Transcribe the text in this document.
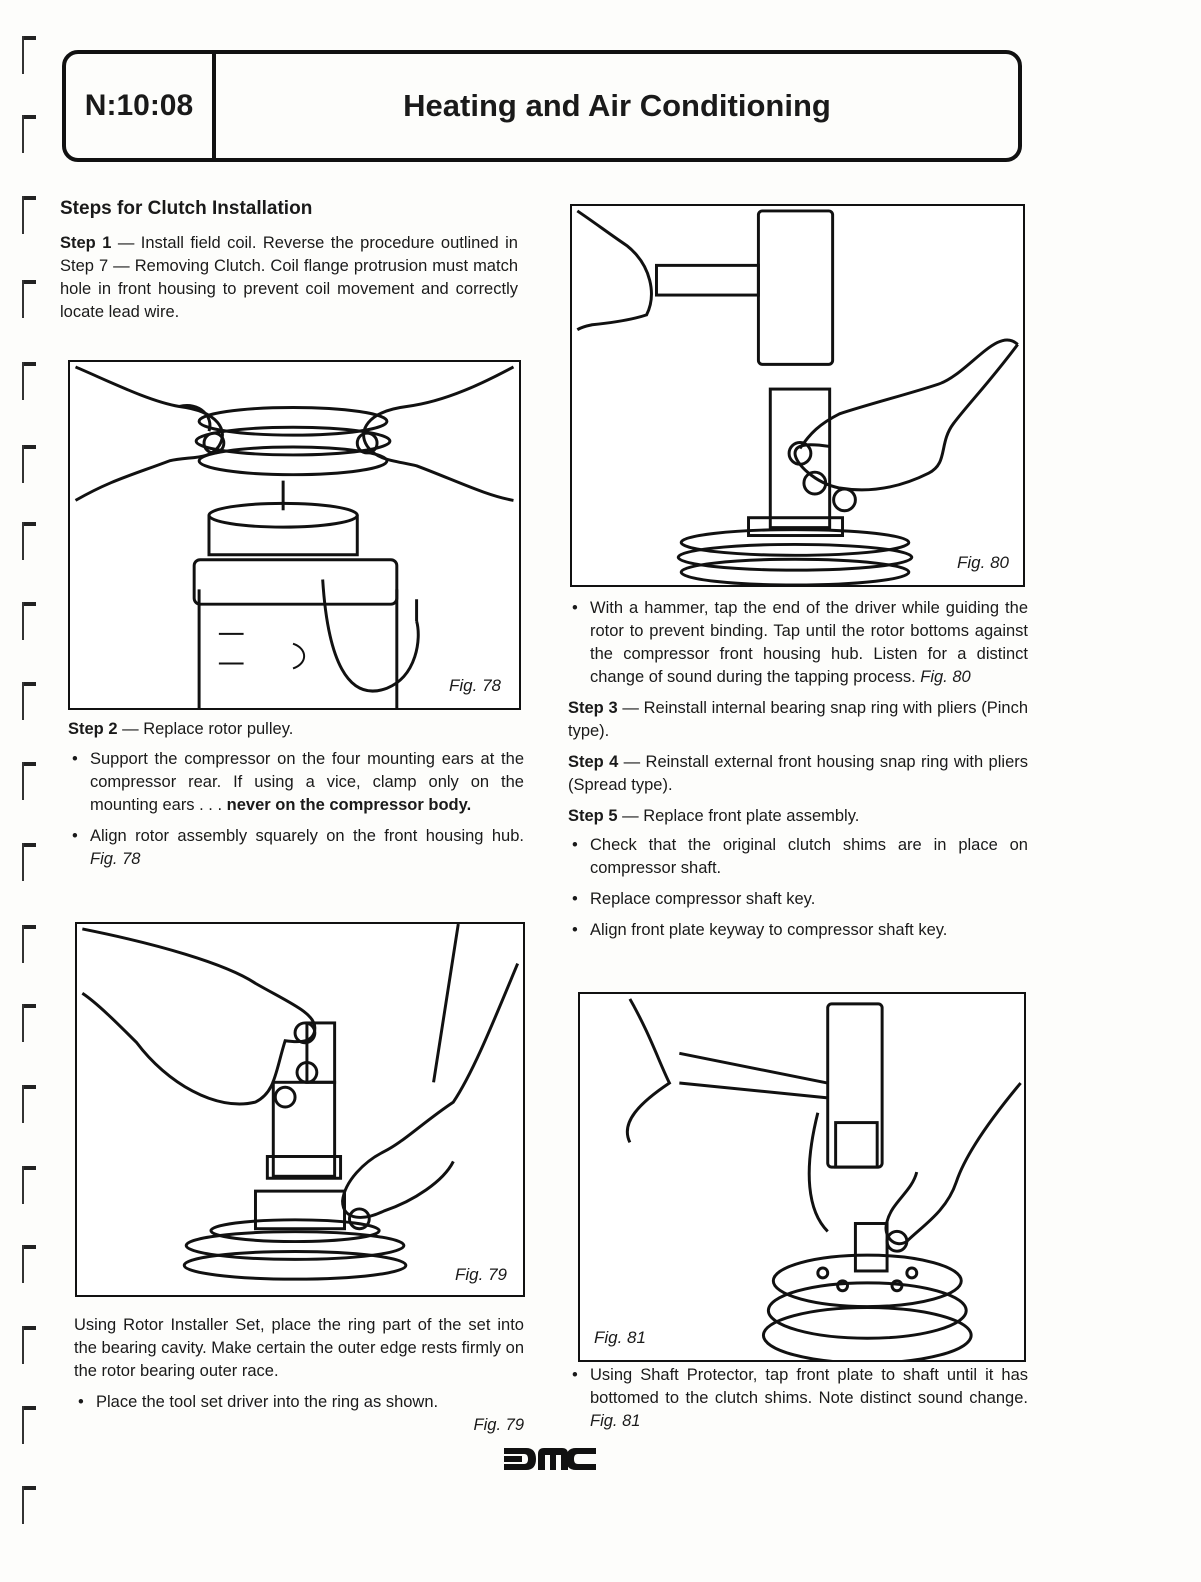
N:10:08	Heating and Air Conditioning
Steps for Clutch Installation
Step 1 — Install field coil. Reverse the procedure outlined in Step 7 — Removing Clutch. Coil flange protrusion must match hole in front housing to prevent coil movement and correctly locate lead wire.
Fig. 78
Step 2 — Replace rotor pulley.
• Support the compressor on the four mounting ears at the compressor rear. If using a vice, clamp only on the mounting ears . . . never on the compressor body.
• Align rotor assembly squarely on the front housing hub. Fig. 78
Fig. 79
Using Rotor Installer Set, place the ring part of the set into the bearing cavity. Make certain the outer edge rests firmly on the rotor bearing outer race.
• Place the tool set driver into the ring as shown.
Fig. 79
Fig. 80
• With a hammer, tap the end of the driver while guiding the rotor to prevent binding. Tap until the rotor bottoms against the compressor front housing hub. Listen for a distinct change of sound during the tapping process. Fig. 80
Step 3 — Reinstall internal bearing snap ring with pliers (Pinch type).
Step 4 — Reinstall external front housing snap ring with pliers (Spread type).
Step 5 — Replace front plate assembly.
• Check that the original clutch shims are in place on compressor shaft.
• Replace compressor shaft key.
• Align front plate keyway to compressor shaft key.
Fig. 81
• Using Shaft Protector, tap front plate to shaft until it has bottomed to the clutch shims. Note distinct sound change. Fig. 81
